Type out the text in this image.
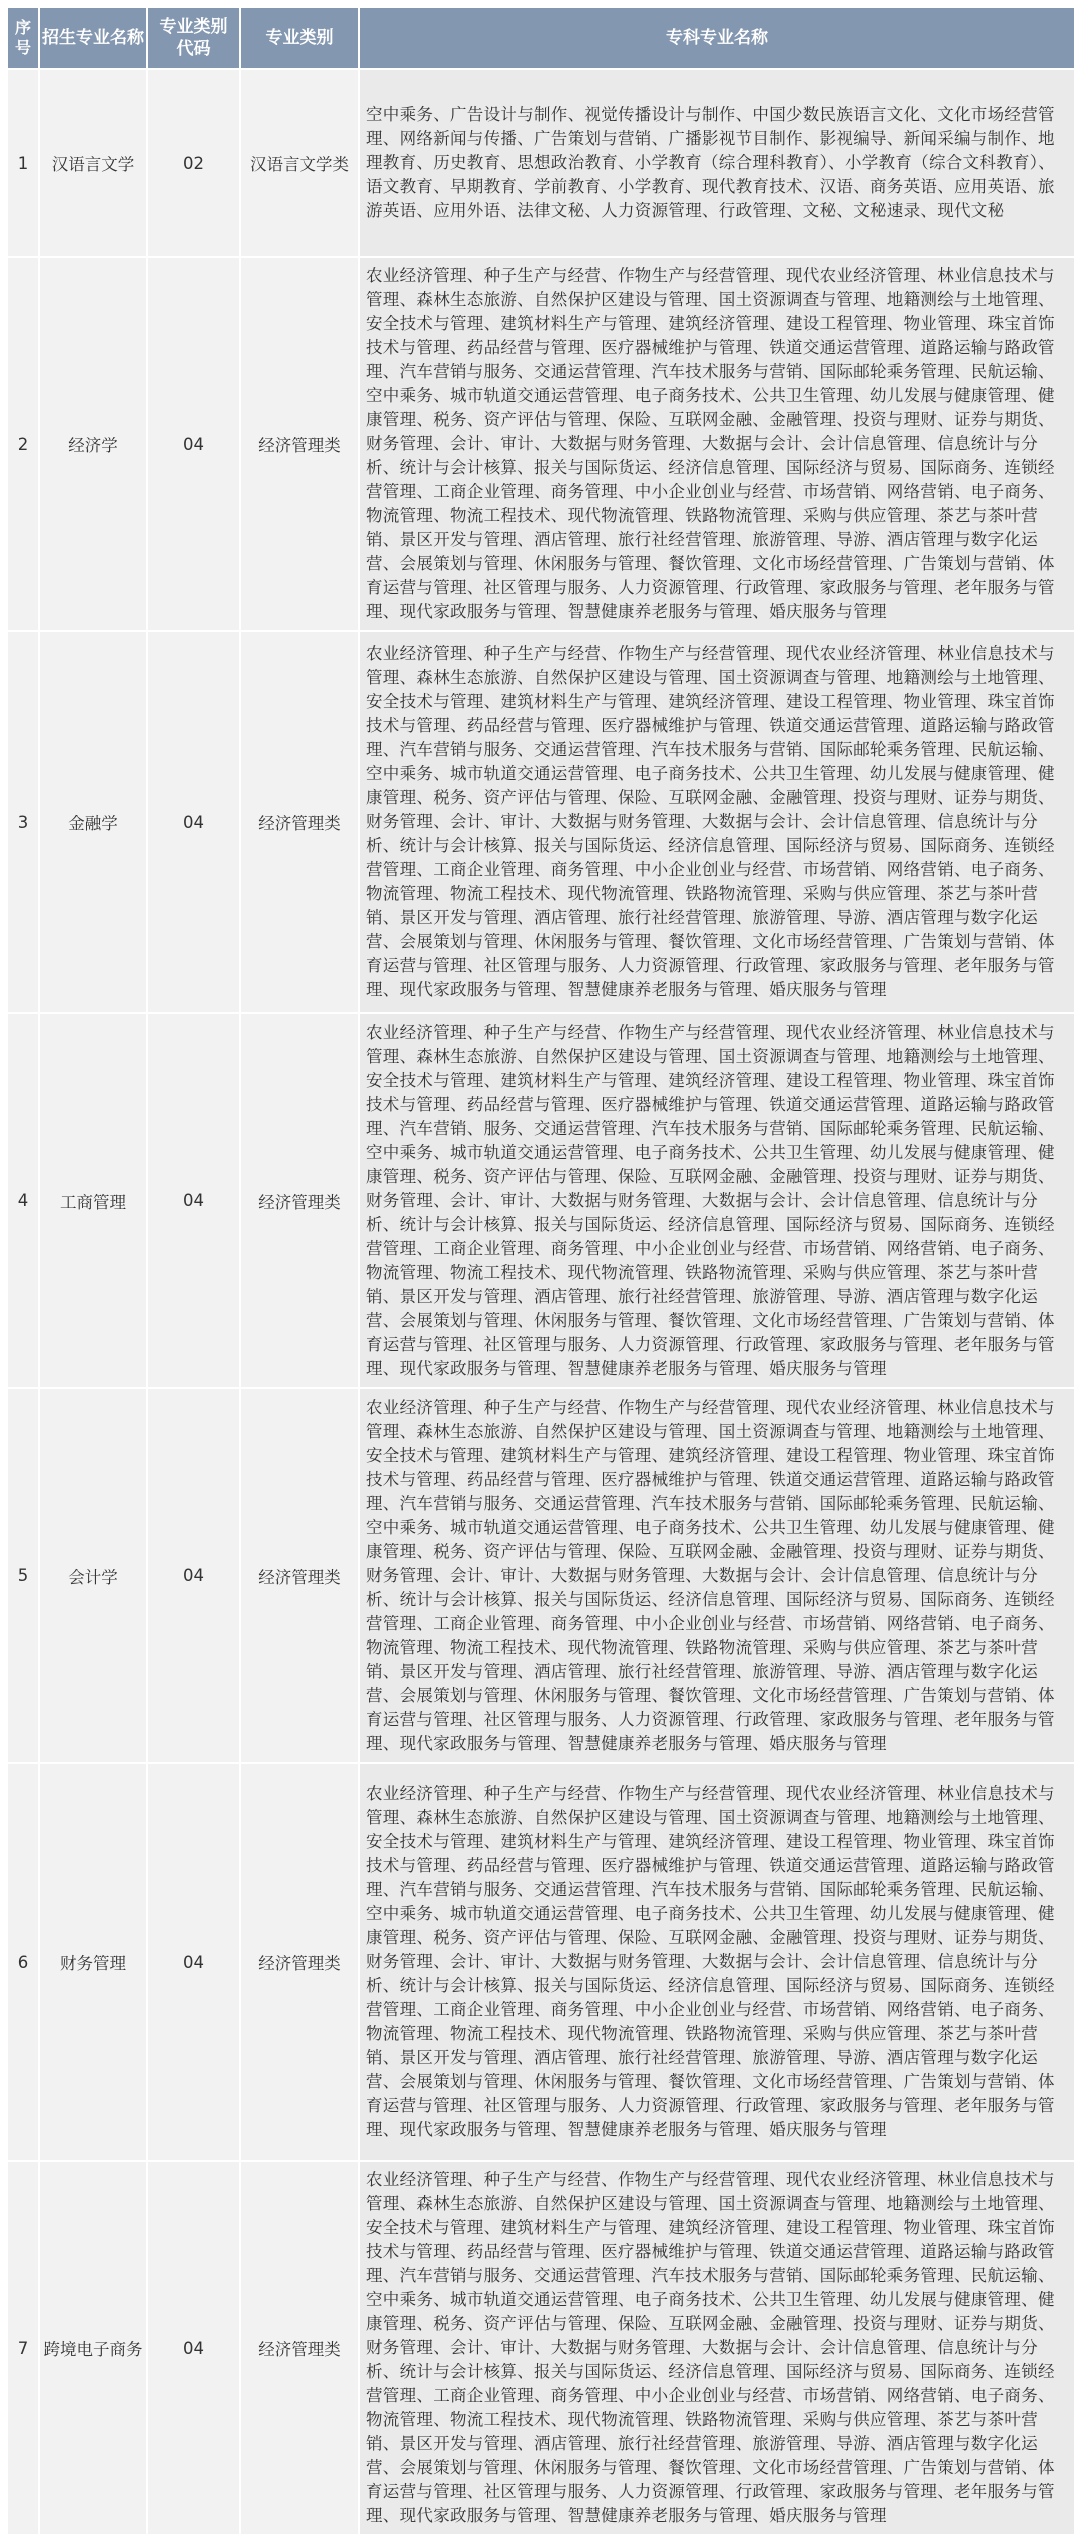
序号	招生专业名称	专业类别代码	专业类别	专科专业名称
1	汉语言文学	02	汉语言文学类	空中乘务、广告设计与制作、视觉传播设计与制作、中国少数民族语言文化、文化市场经营管理、网络新闻与传播、广告策划与营销、广播影视节目制作、影视编导、新闻采编与制作、地理教育、历史教育、思想政治教育、小学教育（综合理科教育）、小学教育（综合文科教育）、语文教育、早期教育、学前教育、小学教育、现代教育技术、汉语、商务英语、应用英语、旅游英语、应用外语、法律文秘、人力资源管理、行政管理、文秘、文秘速录、现代文秘
2	经济学	04	经济管理类	农业经济管理、种子生产与经营、作物生产与经营管理、现代农业经济管理、林业信息技术与管理、森林生态旅游、自然保护区建设与管理、国土资源调查与管理、地籍测绘与土地管理、安全技术与管理、建筑材料生产与管理、建筑经济管理、建设工程管理、物业管理、珠宝首饰技术与管理、药品经营与管理、医疗器械维护与管理、铁道交通运营管理、道路运输与路政管理、汽车营销与服务、交通运营管理、汽车技术服务与营销、国际邮轮乘务管理、民航运输、空中乘务、城市轨道交通运营管理、电子商务技术、公共卫生管理、幼儿发展与健康管理、健康管理、税务、资产评估与管理、保险、互联网金融、金融管理、投资与理财、证券与期货、财务管理、会计、审计、大数据与财务管理、大数据与会计、会计信息管理、信息统计与分析、统计与会计核算、报关与国际货运、经济信息管理、国际经济与贸易、国际商务、连锁经营管理、工商企业管理、商务管理、中小企业创业与经营、市场营销、网络营销、电子商务、物流管理、物流工程技术、现代物流管理、铁路物流管理、采购与供应管理、茶艺与茶叶营销、景区开发与管理、酒店管理、旅行社经营管理、旅游管理、导游、酒店管理与数字化运营、会展策划与管理、休闲服务与管理、餐饮管理、文化市场经营管理、广告策划与营销、体育运营与管理、社区管理与服务、人力资源管理、行政管理、家政服务与管理、老年服务与管理、现代家政服务与管理、智慧健康养老服务与管理、婚庆服务与管理
3	金融学	04	经济管理类	农业经济管理、种子生产与经营、作物生产与经营管理、现代农业经济管理、林业信息技术与管理、森林生态旅游、自然保护区建设与管理、国土资源调查与管理、地籍测绘与土地管理、安全技术与管理、建筑材料生产与管理、建筑经济管理、建设工程管理、物业管理、珠宝首饰技术与管理、药品经营与管理、医疗器械维护与管理、铁道交通运营管理、道路运输与路政管理、汽车营销与服务、交通运营管理、汽车技术服务与营销、国际邮轮乘务管理、民航运输、空中乘务、城市轨道交通运营管理、电子商务技术、公共卫生管理、幼儿发展与健康管理、健康管理、税务、资产评估与管理、保险、互联网金融、金融管理、投资与理财、证券与期货、财务管理、会计、审计、大数据与财务管理、大数据与会计、会计信息管理、信息统计与分析、统计与会计核算、报关与国际货运、经济信息管理、国际经济与贸易、国际商务、连锁经营管理、工商企业管理、商务管理、中小企业创业与经营、市场营销、网络营销、电子商务、物流管理、物流工程技术、现代物流管理、铁路物流管理、采购与供应管理、茶艺与茶叶营销、景区开发与管理、酒店管理、旅行社经营管理、旅游管理、导游、酒店管理与数字化运营、会展策划与管理、休闲服务与管理、餐饮管理、文化市场经营管理、广告策划与营销、体育运营与管理、社区管理与服务、人力资源管理、行政管理、家政服务与管理、老年服务与管理、现代家政服务与管理、智慧健康养老服务与管理、婚庆服务与管理
4	工商管理	04	经济管理类	农业经济管理、种子生产与经营、作物生产与经营管理、现代农业经济管理、林业信息技术与管理、森林生态旅游、自然保护区建设与管理、国土资源调查与管理、地籍测绘与土地管理、安全技术与管理、建筑材料生产与管理、建筑经济管理、建设工程管理、物业管理、珠宝首饰技术与管理、药品经营与管理、医疗器械维护与管理、铁道交通运营管理、道路运输与路政管理、汽车营销、服务、交通运营管理、汽车技术服务与营销、国际邮轮乘务管理、民航运输、空中乘务、城市轨道交通运营管理、电子商务技术、公共卫生管理、幼儿发展与健康管理、健康管理、税务、资产评估与管理、保险、互联网金融、金融管理、投资与理财、证券与期货、财务管理、会计、审计、大数据与财务管理、大数据与会计、会计信息管理、信息统计与分析、统计与会计核算、报关与国际货运、经济信息管理、国际经济与贸易、国际商务、连锁经营管理、工商企业管理、商务管理、中小企业创业与经营、市场营销、网络营销、电子商务、物流管理、物流工程技术、现代物流管理、铁路物流管理、采购与供应管理、茶艺与茶叶营销、景区开发与管理、酒店管理、旅行社经营管理、旅游管理、导游、酒店管理与数字化运营、会展策划与管理、休闲服务与管理、餐饮管理、文化市场经营管理、广告策划与营销、体育运营与管理、社区管理与服务、人力资源管理、行政管理、家政服务与管理、老年服务与管理、现代家政服务与管理、智慧健康养老服务与管理、婚庆服务与管理
5	会计学	04	经济管理类	农业经济管理、种子生产与经营、作物生产与经营管理、现代农业经济管理、林业信息技术与管理、森林生态旅游、自然保护区建设与管理、国土资源调查与管理、地籍测绘与土地管理、安全技术与管理、建筑材料生产与管理、建筑经济管理、建设工程管理、物业管理、珠宝首饰技术与管理、药品经营与管理、医疗器械维护与管理、铁道交通运营管理、道路运输与路政管理、汽车营销与服务、交通运营管理、汽车技术服务与营销、国际邮轮乘务管理、民航运输、空中乘务、城市轨道交通运营管理、电子商务技术、公共卫生管理、幼儿发展与健康管理、健康管理、税务、资产评估与管理、保险、互联网金融、金融管理、投资与理财、证券与期货、财务管理、会计、审计、大数据与财务管理、大数据与会计、会计信息管理、信息统计与分析、统计与会计核算、报关与国际货运、经济信息管理、国际经济与贸易、国际商务、连锁经营管理、工商企业管理、商务管理、中小企业创业与经营、市场营销、网络营销、电子商务、物流管理、物流工程技术、现代物流管理、铁路物流管理、采购与供应管理、茶艺与茶叶营销、景区开发与管理、酒店管理、旅行社经营管理、旅游管理、导游、酒店管理与数字化运营、会展策划与管理、休闲服务与管理、餐饮管理、文化市场经营管理、广告策划与营销、体育运营与管理、社区管理与服务、人力资源管理、行政管理、家政服务与管理、老年服务与管理、现代家政服务与管理、智慧健康养老服务与管理、婚庆服务与管理
6	财务管理	04	经济管理类	农业经济管理、种子生产与经营、作物生产与经营管理、现代农业经济管理、林业信息技术与管理、森林生态旅游、自然保护区建设与管理、国土资源调查与管理、地籍测绘与土地管理、安全技术与管理、建筑材料生产与管理、建筑经济管理、建设工程管理、物业管理、珠宝首饰技术与管理、药品经营与管理、医疗器械维护与管理、铁道交通运营管理、道路运输与路政管理、汽车营销与服务、交通运营管理、汽车技术服务与营销、国际邮轮乘务管理、民航运输、空中乘务、城市轨道交通运营管理、电子商务技术、公共卫生管理、幼儿发展与健康管理、健康管理、税务、资产评估与管理、保险、互联网金融、金融管理、投资与理财、证券与期货、财务管理、会计、审计、大数据与财务管理、大数据与会计、会计信息管理、信息统计与分析、统计与会计核算、报关与国际货运、经济信息管理、国际经济与贸易、国际商务、连锁经营管理、工商企业管理、商务管理、中小企业创业与经营、市场营销、网络营销、电子商务、物流管理、物流工程技术、现代物流管理、铁路物流管理、采购与供应管理、茶艺与茶叶营销、景区开发与管理、酒店管理、旅行社经营管理、旅游管理、导游、酒店管理与数字化运营、会展策划与管理、休闲服务与管理、餐饮管理、文化市场经营管理、广告策划与营销、体育运营与管理、社区管理与服务、人力资源管理、行政管理、家政服务与管理、老年服务与管理、现代家政服务与管理、智慧健康养老服务与管理、婚庆服务与管理
7	跨境电子商务	04	经济管理类	农业经济管理、种子生产与经营、作物生产与经营管理、现代农业经济管理、林业信息技术与管理、森林生态旅游、自然保护区建设与管理、国土资源调查与管理、地籍测绘与土地管理、安全技术与管理、建筑材料生产与管理、建筑经济管理、建设工程管理、物业管理、珠宝首饰技术与管理、药品经营与管理、医疗器械维护与管理、铁道交通运营管理、道路运输与路政管理、汽车营销与服务、交通运营管理、汽车技术服务与营销、国际邮轮乘务管理、民航运输、空中乘务、城市轨道交通运营管理、电子商务技术、公共卫生管理、幼儿发展与健康管理、健康管理、税务、资产评估与管理、保险、互联网金融、金融管理、投资与理财、证券与期货、财务管理、会计、审计、大数据与财务管理、大数据与会计、会计信息管理、信息统计与分析、统计与会计核算、报关与国际货运、经济信息管理、国际经济与贸易、国际商务、连锁经营管理、工商企业管理、商务管理、中小企业创业与经营、市场营销、网络营销、电子商务、物流管理、物流工程技术、现代物流管理、铁路物流管理、采购与供应管理、茶艺与茶叶营销、景区开发与管理、酒店管理、旅行社经营管理、旅游管理、导游、酒店管理与数字化运营、会展策划与管理、休闲服务与管理、餐饮管理、文化市场经营管理、广告策划与营销、体育运营与管理、社区管理与服务、人力资源管理、行政管理、家政服务与管理、老年服务与管理、现代家政服务与管理、智慧健康养老服务与管理、婚庆服务与管理
